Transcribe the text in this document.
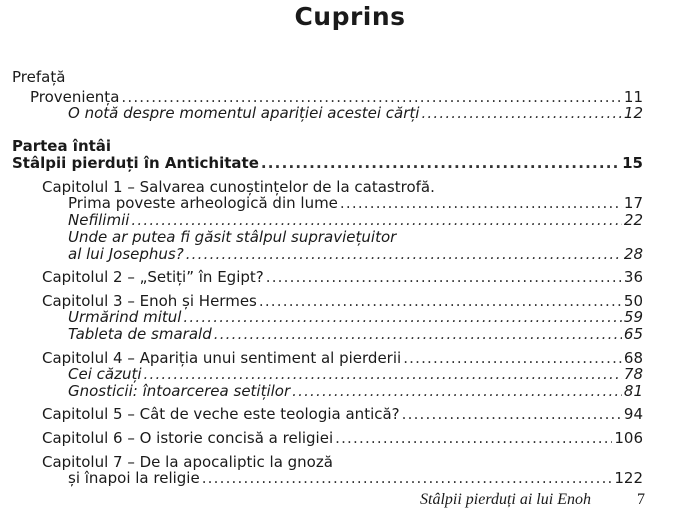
Cuprins
Prefață
Proveniența .....	11
O notă despre momentul apariției acestei cărți .....	12
Partea întâi
Stâlpii pierduți în Antichitate .....	15
Capitolul 1 – Salvarea cunoștințelor de la catastrofă.
Prima poveste arheologică din lume .....	17
Nefilimii .....	22
Unde ar putea fi găsit stâlpul supraviețuitor
al lui Josephus? .....	28
Capitolul 2 – „Setiți” în Egipt? .....	36
Capitolul 3 – Enoh și Hermes .....	50
Urmărind mitul .....	59
Tableta de smarald .....	65
Capitolul 4 – Apariția unui sentiment al pierderii .....	68
Cei căzuți .....	78
Gnosticii: întoarcerea setiților .....	81
Capitolul 5 – Cât de veche este teologia antică? .....	94
Capitolul 6 – O istorie concisă a religiei .....	106
Capitolul 7 – De la apocaliptic la gnoză
și înapoi la religie .....	122
Stâlpii pierduți ai lui Enoh	7
